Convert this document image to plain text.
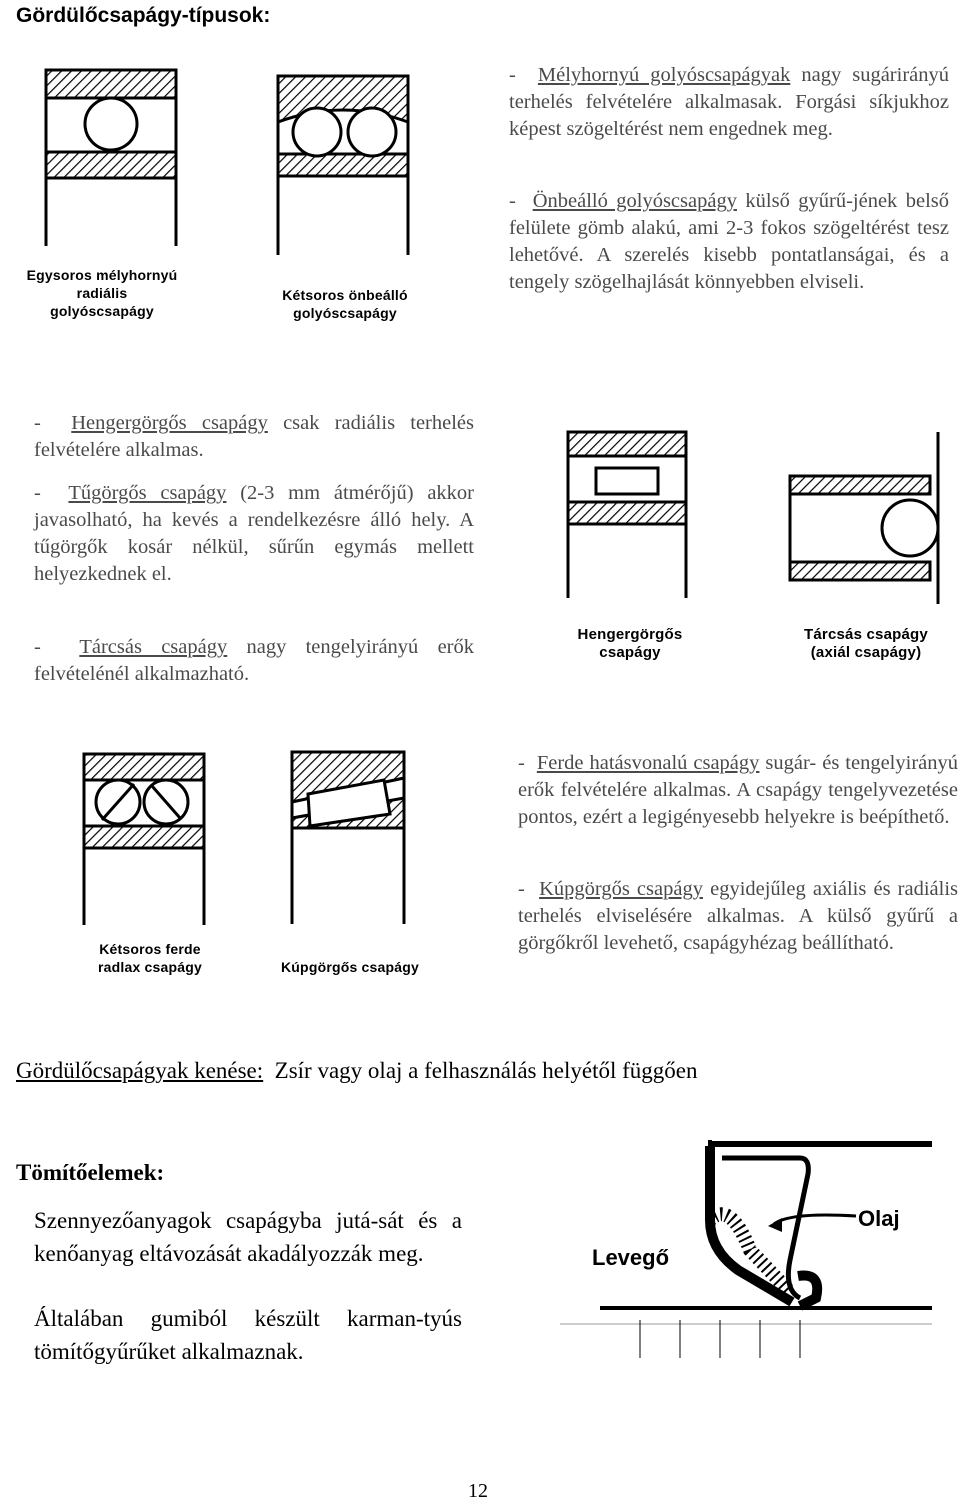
Gördülőcsapágy-típusok:
Egysoros mélyhornyú
radiális
golyóscsapágy
Kétsoros önbeálló
golyóscsapágy
- Mélyhornyú golyóscsapágyak nagy sugárirányú terhelés felvételére alkalmasak. Forgási síkjukhoz képest szögeltérést nem engednek meg.
- Önbeálló golyóscsapágy külső gyűrű-jének belső felülete gömb alakú, ami 2-3 fokos szögeltérést tesz lehetővé. A szerelés kisebb pontatlanságai, és a tengely szögelhajlását könnyebben elviseli.
- Hengergörgős csapágy csak radiális terhelés felvételére alkalmas.
- Tűgörgős csapágy (2-3 mm átmérőjű) akkor javasolható, ha kevés a rendelkezésre álló hely. A tűgörgők kosár nélkül, sűrűn egymás mellett helyezkednek el.
- Tárcsás csapágy nagy tengelyirányú erők felvételénél alkalmazható.
Hengergörgős
csapágy
Tárcsás csapágy
(axiál csapágy)
Kétsoros ferde
radlax csapágy	Kúpgörgős csapágy
- Ferde hatásvonalú csapágy sugár- és tengelyirányú erők felvételére alkalmas. A csapágy tengelyvezetése pontos, ezért a legigényesebb helyekre is beépíthető.
- Kúpgörgős csapágy egyidejűleg axiális és radiális terhelés elviselésére alkalmas. A külső gyűrű a görgőkről levehető, csapágyhézag beállítható.
Gördülőcsapágyak kenése: Zsír vagy olaj a felhasználás helyétől függően
Tömítőelemek:
Szennyezőanyagok csapágyba jutá-sát és a kenőanyag eltávozását akadályozzák meg.
Általában gumiból készült karman-tyús tömítőgyűrűket alkalmaznak.
Levegő
Olaj
12
